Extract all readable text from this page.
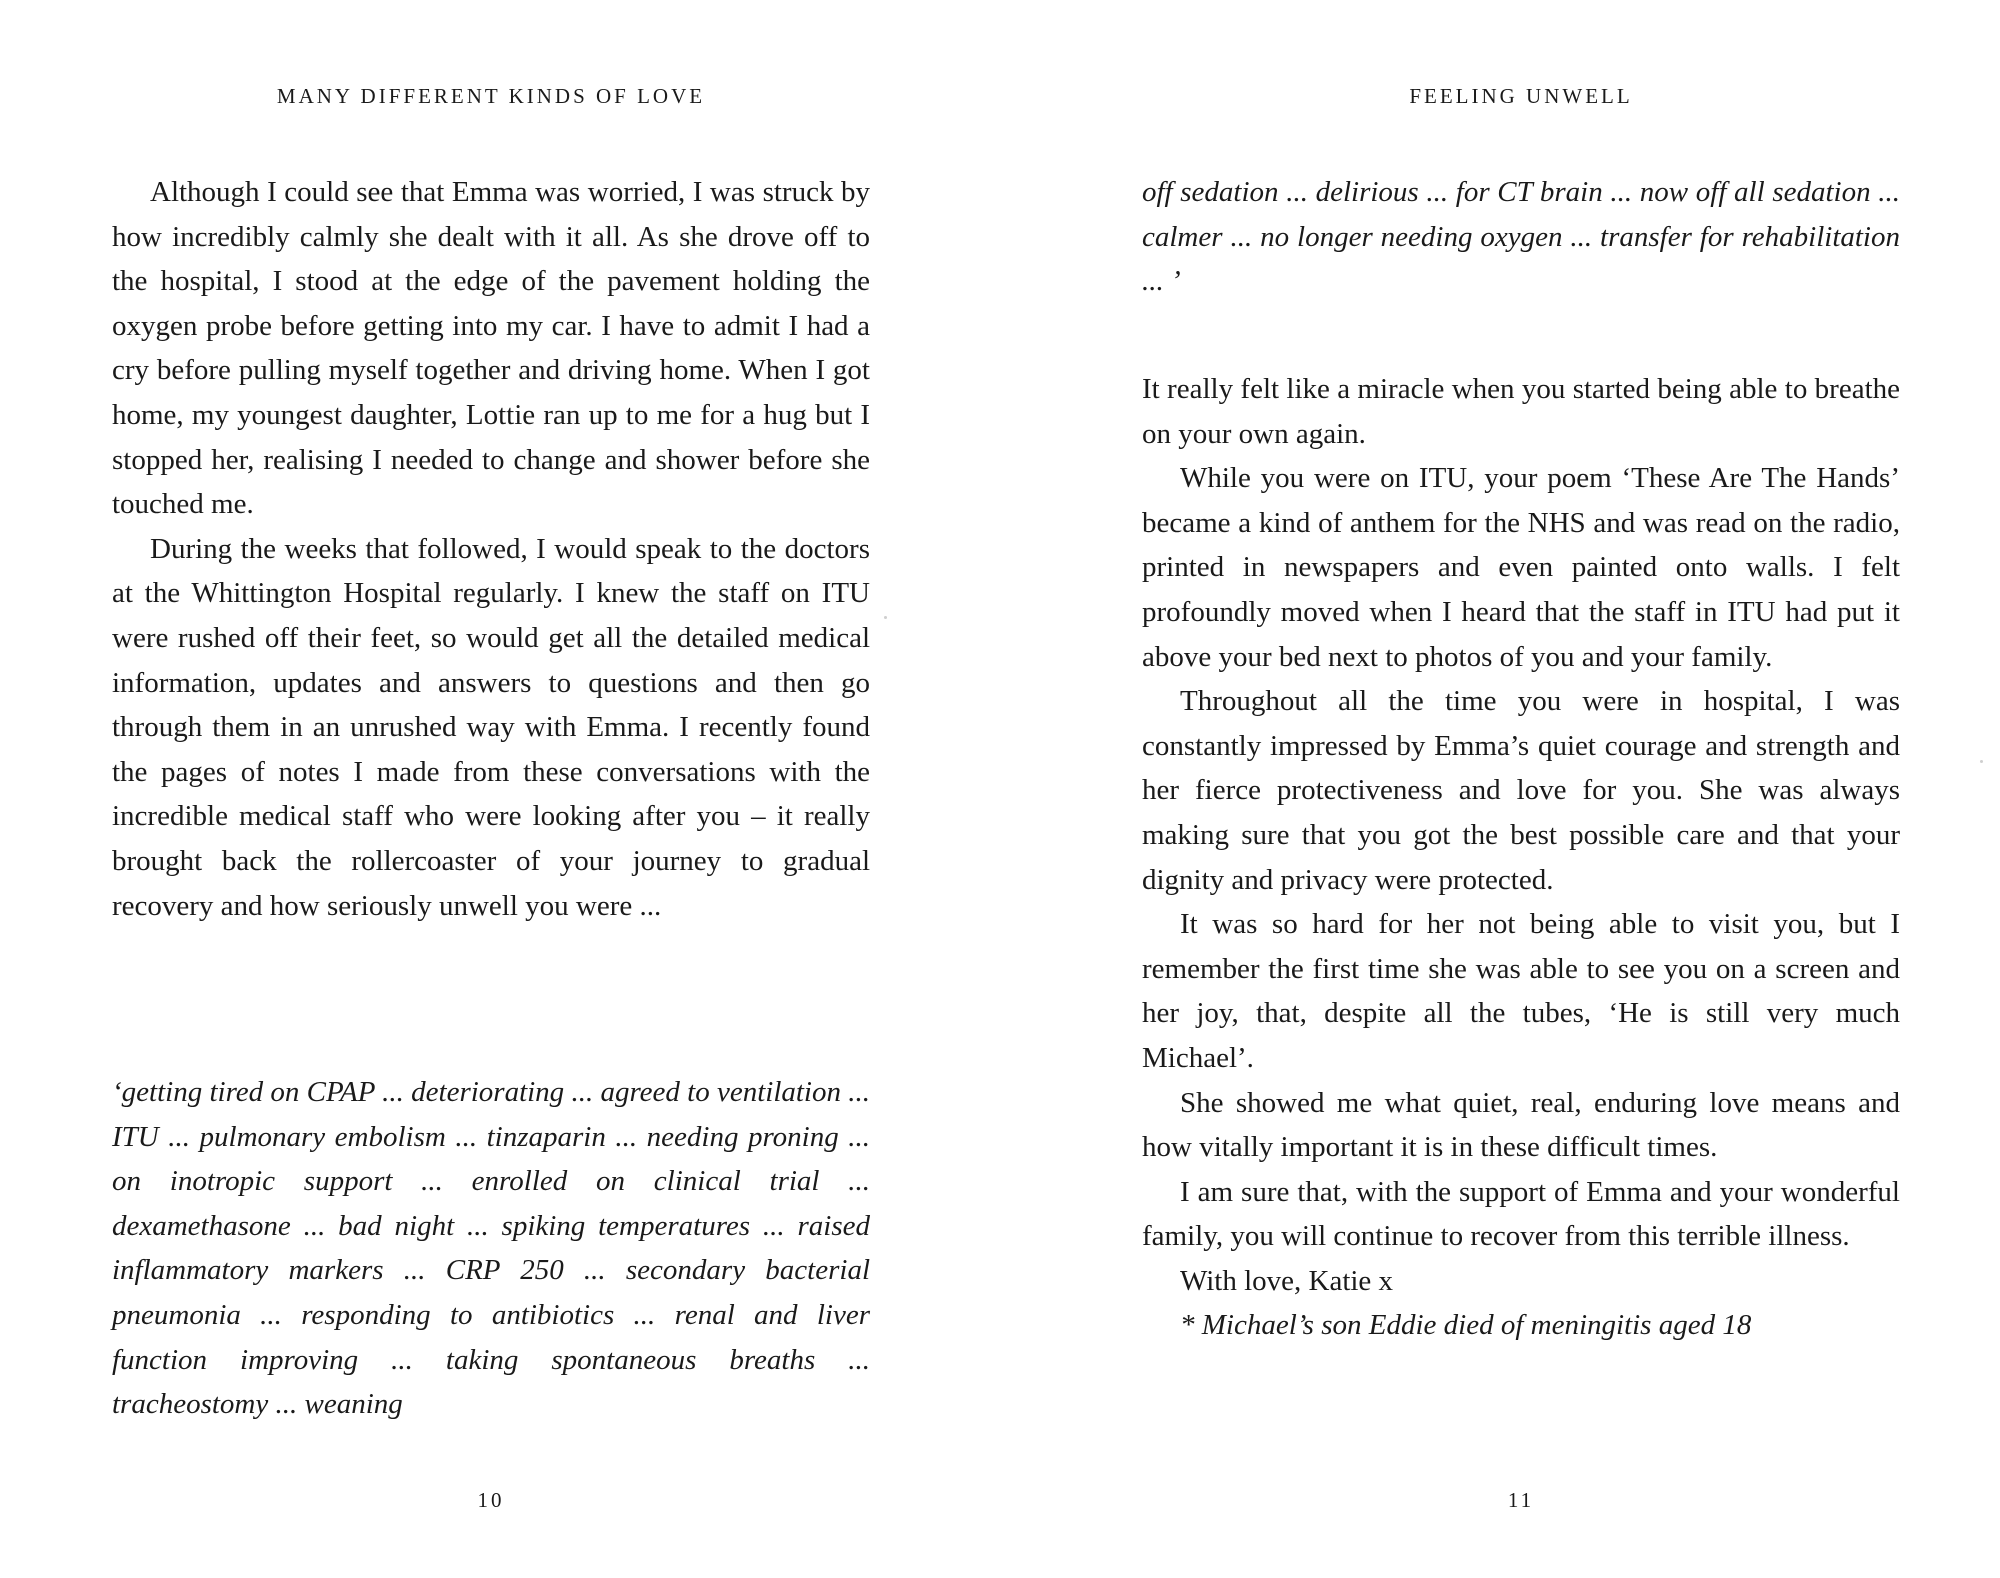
MANY DIFFERENT KINDS OF LOVE

Although I could see that Emma was worried, I was struck by how incredibly calmly she dealt with it all. As she drove off to the hospital, I stood at the edge of the pavement holding the oxygen probe before getting into my car. I have to admit I had a cry before pulling myself together and driving home. When I got home, my youngest daughter, Lottie ran up to me for a hug but I stopped her, realising I needed to change and shower before she touched me.

During the weeks that followed, I would speak to the doctors at the Whittington Hospital regularly. I knew the staff on ITU were rushed off their feet, so would get all the detailed medical information, updates and answers to questions and then go through them in an unrushed way with Emma. I recently found the pages of notes I made from these conversations with the incredible medical staff who were looking after you – it really brought back the rollercoaster of your journey to gradual recovery and how seriously unwell you were ...

‘getting tired on CPAP ... deteriorating ... agreed to ventilation ... ITU ... pulmonary embolism ... tinzaparin ... needing proning ... on inotropic support ... enrolled on clinical trial ... dexamethasone ... bad night ... spiking temperatures ... raised inflammatory markers ... CRP 250 ... secondary bacterial pneumonia ... responding to antibiotics ... renal and liver function improving ... taking spontaneous breaths ... tracheostomy ... weaning

10
FEELING UNWELL

off sedation ... delirious ... for CT brain ... now off all sedation ... calmer ... no longer needing oxygen ... transfer for rehabilitation ... ’

It really felt like a miracle when you started being able to breathe on your own again.

While you were on ITU, your poem ‘These Are The Hands’ became a kind of anthem for the NHS and was read on the radio, printed in newspapers and even painted onto walls. I felt profoundly moved when I heard that the staff in ITU had put it above your bed next to photos of you and your family.

Throughout all the time you were in hospital, I was constantly impressed by Emma’s quiet courage and strength and her fierce protectiveness and love for you. She was always making sure that you got the best possible care and that your dignity and privacy were protected.

It was so hard for her not being able to visit you, but I remember the first time she was able to see you on a screen and her joy, that, despite all the tubes, ‘He is still very much Michael’.

She showed me what quiet, real, enduring love means and how vitally important it is in these difficult times.

I am sure that, with the support of Emma and your wonderful family, you will continue to recover from this terrible illness.

With love, Katie x

* Michael’s son Eddie died of meningitis aged 18

11
